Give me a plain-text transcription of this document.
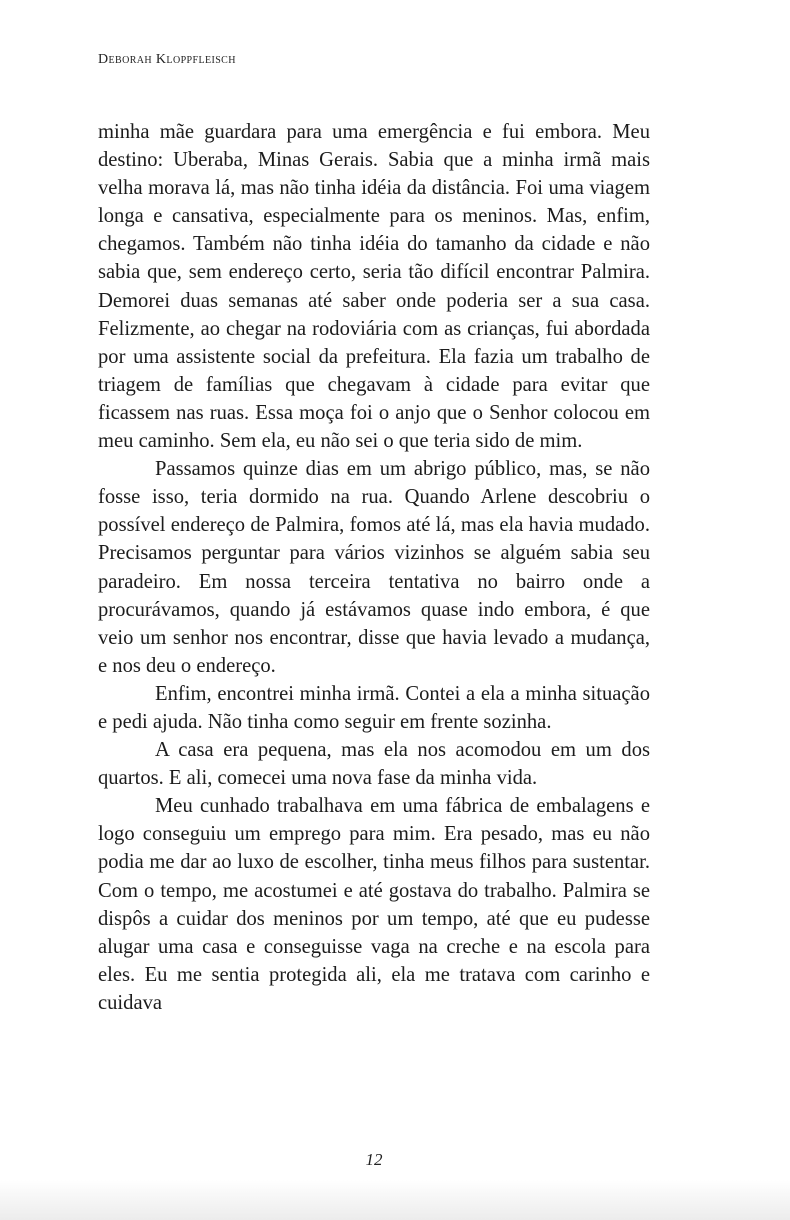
Deborah Kloppfleisch

minha mãe guardara para uma emergência e fui embora. Meu destino: Uberaba, Minas Gerais. Sabia que a minha irmã mais velha morava lá, mas não tinha idéia da distância. Foi uma viagem longa e cansativa, especialmente para os meninos. Mas, enfim, chegamos. Também não tinha idéia do tamanho da cidade e não sabia que, sem endereço certo, seria tão difícil encontrar Palmira. Demorei duas semanas até saber onde poderia ser a sua casa. Felizmente, ao chegar na rodoviária com as crianças, fui abordada por uma assistente social da prefeitura. Ela fazia um trabalho de triagem de famílias que chegavam à cidade para evitar que ficassem nas ruas. Essa moça foi o anjo que o Senhor colocou em meu caminho. Sem ela, eu não sei o que teria sido de mim.

Passamos quinze dias em um abrigo público, mas, se não fosse isso, teria dormido na rua. Quando Arlene descobriu o possível endereço de Palmira, fomos até lá, mas ela havia mudado. Precisamos perguntar para vários vizinhos se alguém sabia seu paradeiro. Em nossa terceira tentativa no bairro onde a procurávamos, quando já estávamos quase indo embora, é que veio um senhor nos encontrar, disse que havia levado a mudança, e nos deu o endereço.

Enfim, encontrei minha irmã. Contei a ela a minha situação e pedi ajuda. Não tinha como seguir em frente sozinha.

A casa era pequena, mas ela nos acomodou em um dos quartos. E ali, comecei uma nova fase da minha vida.

Meu cunhado trabalhava em uma fábrica de embalagens e logo conseguiu um emprego para mim. Era pesado, mas eu não podia me dar ao luxo de escolher, tinha meus filhos para sustentar. Com o tempo, me acostumei e até gostava do trabalho. Palmira se dispôs a cuidar dos meninos por um tempo, até que eu pudesse alugar uma casa e conseguisse vaga na creche e na escola para eles. Eu me sentia protegida ali, ela me tratava com carinho e cuidava

12
